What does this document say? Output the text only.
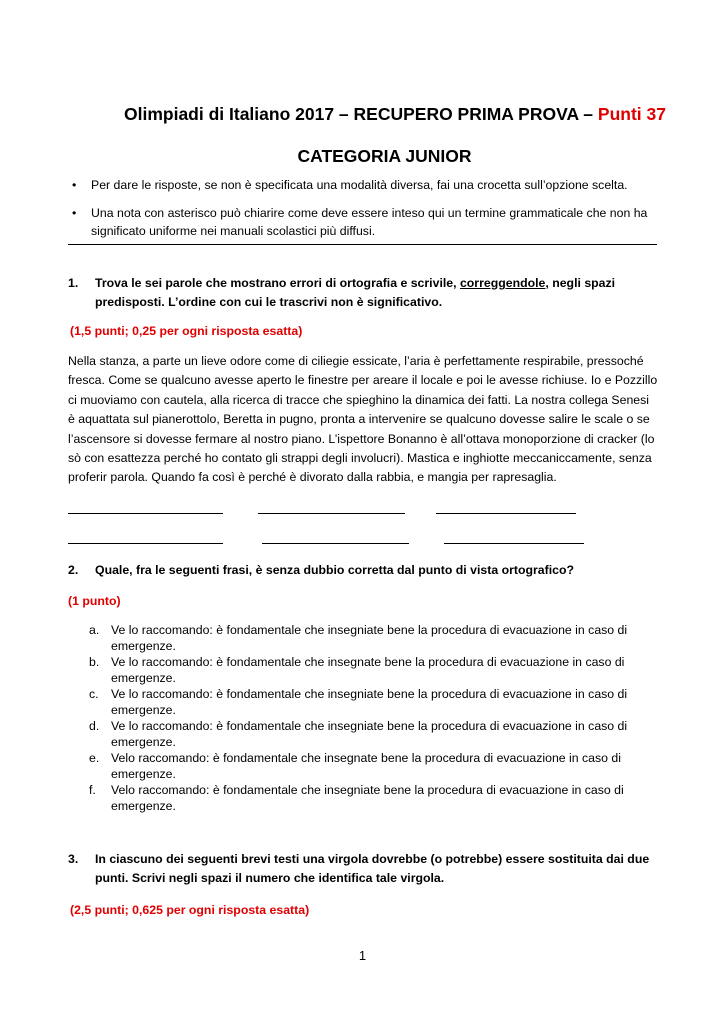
Olimpiadi di Italiano 2017 – RECUPERO PRIMA PROVA – Punti 37
CATEGORIA JUNIOR
• Per dare le risposte, se non è specificata una modalità diversa, fai una crocetta sull’opzione scelta.
• Una nota con asterisco può chiarire come deve essere inteso qui un termine grammaticale che non ha significato uniforme nei manuali scolastici più diffusi.
1.	Trova le sei parole che mostrano errori di ortografia e scrivile, correggendole, negli spazi predisposti. L’ordine con cui le trascrivi non è significativo.
(1,5 punti; 0,25 per ogni risposta esatta)
Nella stanza, a parte un lieve odore come di ciliegie essicate, l’aria è perfettamente respirabile, pressoché fresca. Come se qualcuno avesse aperto le finestre per areare il locale e poi le avesse richiuse. Io e Pozzillo ci muoviamo con cautela, alla ricerca di tracce che spieghino la dinamica dei fatti. La nostra collega Senesi è aquattata sul pianerottolo, Beretta in pugno, pronta a intervenire se qualcuno dovesse salire le scale o se l’ascensore si dovesse fermare al nostro piano. L’ispettore Bonanno è all’ottava monoporzione di cracker (lo sò con esattezza perché ho contato gli strappi degli involucri). Mastica e inghiotte meccaniccamente, senza proferir parola. Quando fa così è perché è divorato dalla rabbia, e mangia per rapresaglia.
2.	Quale, fra le seguenti frasi, è senza dubbio corretta dal punto di vista ortografico?
(1 punto)
a. Ve lo raccomando: è fondamentale che insegniate bene la procedura di evacuazione in caso di emergenze.
b. Ve lo raccomando: è fondamentale che insegnate bene la procedura di evacuazione in caso di emergenze.
c. Ve lo raccomando: è fondamentale che insegniate bene la procedura di evacuazione in caso di emergenze.
d. Ve lo raccomando: è fondamentale che insegniate bene la procedura di evacuazione in caso di emergenze.
e. Velo raccomando: è fondamentale che insegnate bene la procedura di evacuazione in caso di emergenze.
f. Velo raccomando: è fondamentale che insegniate bene la procedura di evacuazione in caso di emergenze.
3.	In ciascuno dei seguenti brevi testi una virgola dovrebbe (o potrebbe) essere sostituita dai due punti. Scrivi negli spazi il numero che identifica tale virgola.
(2,5 punti; 0,625 per ogni risposta esatta)
1
